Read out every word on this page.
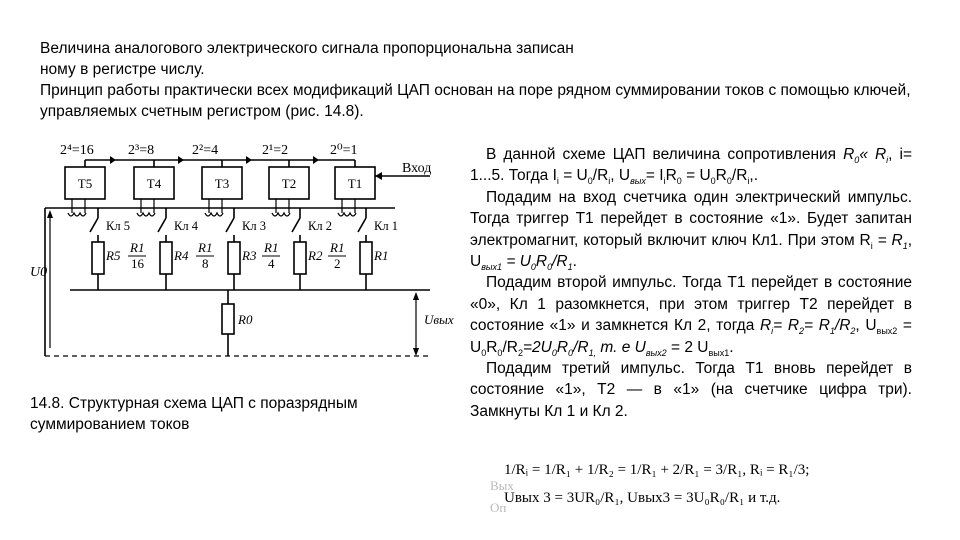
Величина аналогового электрического сигнала пропорциональна записан

ному в регистре числу.

Принцип работы практически всех модификаций ЦАП основан на поре рядном суммировании токов с помощью ключей, управляемых счетным регистром (рис. 14.8).

2⁴=16 2³=8	2²=4	2¹=2	2⁰=1
T5	T4	T3	T2	T1
Вход
Кл 5	Кл 4	Кл 3	Кл 2	Кл 1
R5
R1
16
R4
R1
8
R3
R1
4
R2
R1
2
R1
R0
U0
Uвых
14.8. Структурная схема ЦАП с поразрядным суммированием токов

В данной схеме ЦАП величина сопротивления $R_0«$ $R_i$, i= 1...5. Тогда $I_i = U_0/R_i$, $U_{вых}= I_iR_0 = U_0R_0/R_i$,.

Подадим на вход счетчика один электрический импульс. Тогда триггер T1 перейдет в состояние «1». Будет запитан электромагнит, который включит ключ Кл1. При этом $R_i = R_1$, $U_{вых1} = U_0R_0/R_1$.

Подадим второй импульс. Тогда T1 перейдет в состояние «0», Кл 1 разомкнется, при этом триггер T2 перейдет в состояние «1» и замкнется Кл 2, тогда $R_i= R_2= R_1/R_2$, $U_{вых2} = U_0R_0/R_2=2U_0R_0/R_{1,}$ т. е $U_{вых2} = 2$ $U_{вых1}$.

Подадим третий импульс. Тогда T1 вновь перейдет в состояние «1», T2 — в «1» (на счетчике цифра три). Замкнуты Кл 1 и Кл 2.

Вых
Оп
1/Rᵢ = 1/R₁ + 1/R₂ = 1/R₁ + 2/R₁ = 3/R₁, Rᵢ = R₁/3;
Uвых 3 = 3UR₀/R₁, Uвых3 = 3U₀R₀/R₁ и т.д.
